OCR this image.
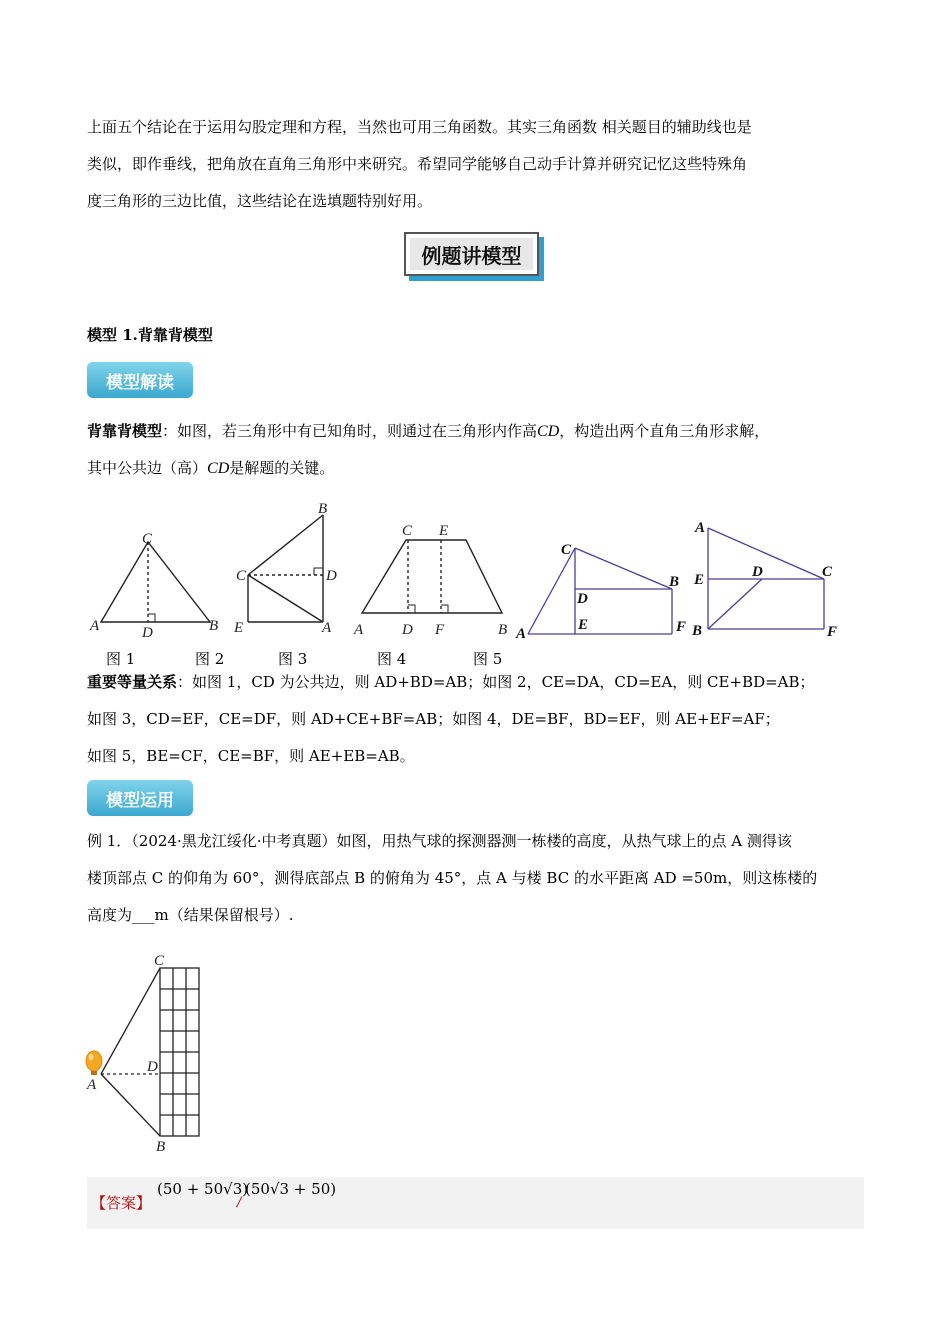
上面五个结论在于运用勾股定理和方程，当然也可用三角函数。其实三角函数 相关题目的辅助线也是
类似，即作垂线，把角放在直角三角形中来研究。希望同学能够自己动手计算并研究记忆这些特殊角
度三角形的三边比值，这些结论在选填题特别好用。
例题讲模型
模型 1.背靠背模型
模型解读
背靠背模型：如图，若三角形中有已知角时，则通过在三角形内作高CD，构造出两个直角三角形求解，
其中公共边（高）CD是解题的关键。
A	B
C
D
B
C	D
E	A
C E
A	D F	B
C
B
D
E
A	F
A
E	D	C
B	F
图 1	图 2	图 3	图 4	图 5
重要等量关系：如图 1，CD 为公共边，则 AD+BD=AB；如图 2，CE=DA，CD=EA，则 CE+BD=AB；
如图 3，CD=EF，CE=DF，则 AD+CE+BF=AB；如图 4，DE=BF，BD=EF，则 AE+EF=AF；
如图 5，BE=CF，CE=BF，则 AE+EB=AB。
模型运用
例 1．（2024·黑龙江绥化·中考真题）如图，用热气球的探测器测一栋楼的高度，从热气球上的点 A 测得该
楼顶部点 C 的仰角为 60°，测得底部点 B 的俯角为 45°，点 A 与楼 BC 的水平距离 AD =50m，则这栋楼的
高度为___m（结果保留根号）.
C
D
A
B
【答案】
(50 + 50√3)
/
(50√3 + 50)
